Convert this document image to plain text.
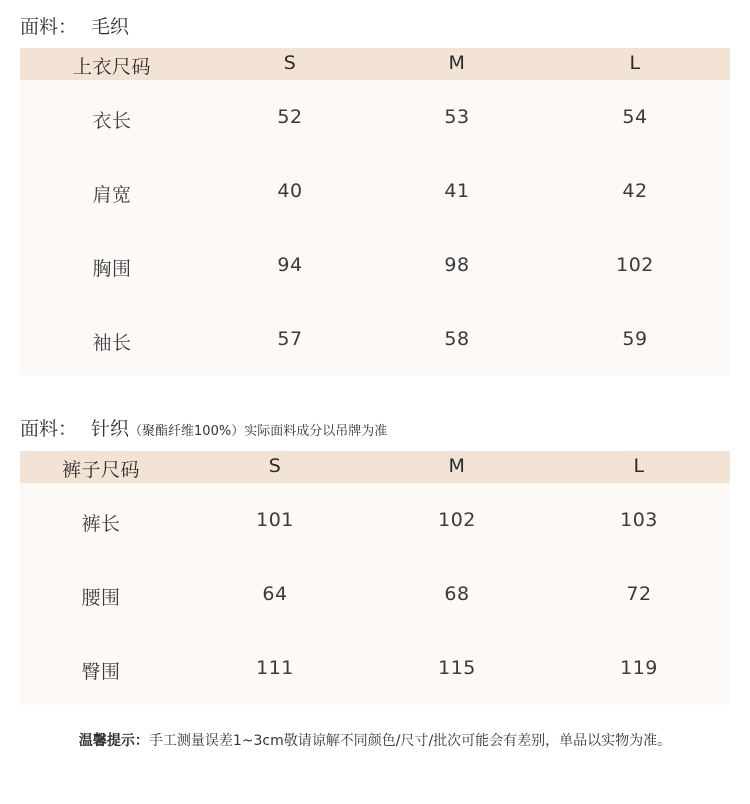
面料： 毛织
上衣尺码	S	M	L
衣长	52	53	54
肩宽	40	41	42
胸围	94	98	102
袖长	57	58	59
面料： 针织（聚酯纤维100%）实际面料成分以吊牌为准
裤子尺码	S	M	L
裤长	101	102	103
腰围	64	68	72
臀围	111	115	119
温馨提示：手工测量误差1~3cm敬请谅解不同颜色/尺寸/批次可能会有差别，单品以实物为准。
